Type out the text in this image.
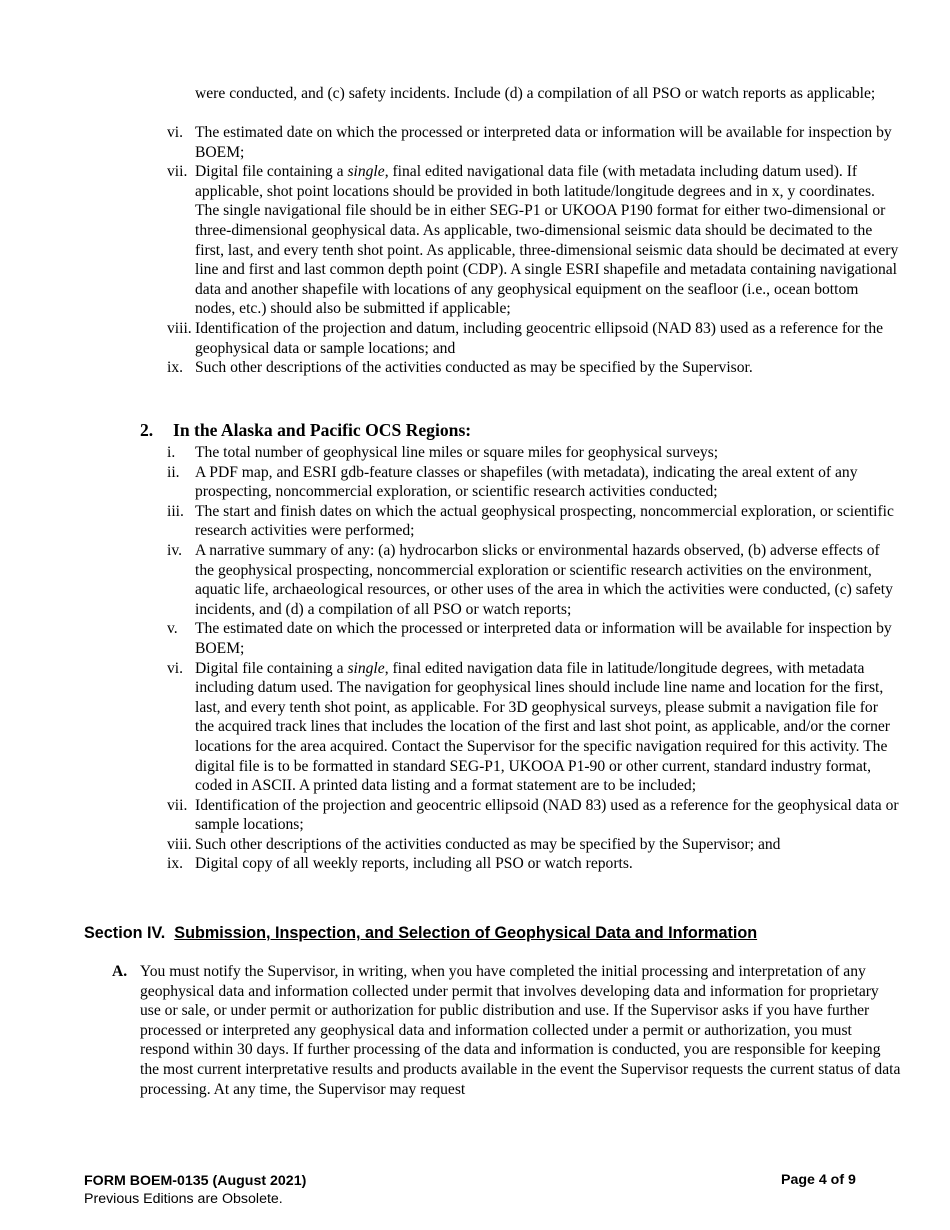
were conducted, and (c) safety incidents. Include (d) a compilation of all PSO or watch reports as applicable;
vi. The estimated date on which the processed or interpreted data or information will be available for inspection by BOEM;
vii. Digital file containing a single, final edited navigational data file (with metadata including datum used). If applicable, shot point locations should be provided in both latitude/longitude degrees and in x, y coordinates. The single navigational file should be in either SEG-P1 or UKOOA P190 format for either two-dimensional or three-dimensional geophysical data. As applicable, two-dimensional seismic data should be decimated to the first, last, and every tenth shot point. As applicable, three-dimensional seismic data should be decimated at every line and first and last common depth point (CDP). A single ESRI shapefile and metadata containing navigational data and another shapefile with locations of any geophysical equipment on the seafloor (i.e., ocean bottom nodes, etc.) should also be submitted if applicable;
viii. Identification of the projection and datum, including geocentric ellipsoid (NAD 83) used as a reference for the geophysical data or sample locations; and
ix. Such other descriptions of the activities conducted as may be specified by the Supervisor.
2. In the Alaska and Pacific OCS Regions:
i.	The total number of geophysical line miles or square miles for geophysical surveys;
ii. A PDF map, and ESRI gdb-feature classes or shapefiles (with metadata), indicating the areal extent of any prospecting, noncommercial exploration, or scientific research activities conducted;
iii. The start and finish dates on which the actual geophysical prospecting, noncommercial exploration, or scientific research activities were performed;
iv. A narrative summary of any: (a) hydrocarbon slicks or environmental hazards observed, (b) adverse effects of the geophysical prospecting, noncommercial exploration or scientific research activities on the environment, aquatic life, archaeological resources, or other uses of the area in which the activities were conducted, (c) safety incidents, and (d) a compilation of all PSO or watch reports;
v.	The estimated date on which the processed or interpreted data or information will be available for inspection by BOEM;
vi. Digital file containing a single, final edited navigation data file in latitude/longitude degrees, with metadata including datum used. The navigation for geophysical lines should include line name and location for the first, last, and every tenth shot point, as applicable. For 3D geophysical surveys, please submit a navigation file for the acquired track lines that includes the location of the first and last shot point, as applicable, and/or the corner locations for the area acquired. Contact the Supervisor for the specific navigation required for this activity. The digital file is to be formatted in standard SEG-P1, UKOOA P1-90 or other current, standard industry format, coded in ASCII. A printed data listing and a format statement are to be included;
vii. Identification of the projection and geocentric ellipsoid (NAD 83) used as a reference for the geophysical data or sample locations;
viii. Such other descriptions of the activities conducted as may be specified by the Supervisor; and
ix. Digital copy of all weekly reports, including all PSO or watch reports.
Section IV. Submission, Inspection, and Selection of Geophysical Data and Information
A. You must notify the Supervisor, in writing, when you have completed the initial processing and interpretation of any geophysical data and information collected under permit that involves developing data and information for proprietary use or sale, or under permit or authorization for public distribution and use. If the Supervisor asks if you have further processed or interpreted any geophysical data and information collected under a permit or authorization, you must respond within 30 days. If further processing of the data and information is conducted, you are responsible for keeping the most current interpretative results and products available in the event the Supervisor requests the current status of data processing. At any time, the Supervisor may request
FORM BOEM-0135 (August 2021)
Previous Editions are Obsolete.
Page 4 of 9
